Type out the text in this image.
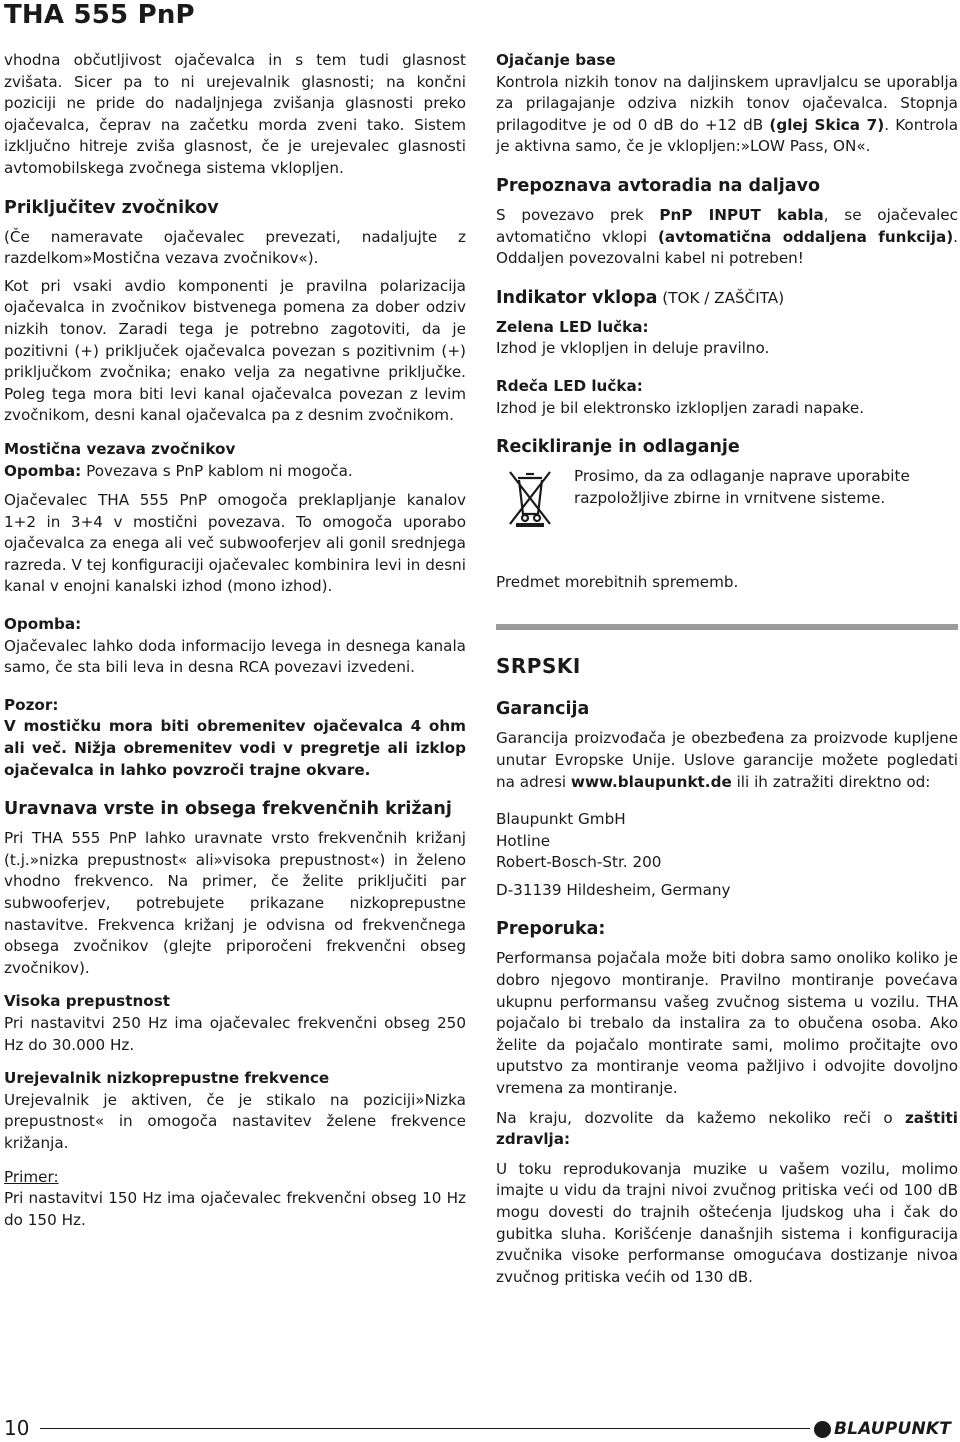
THA 555 PnP

vhodna občutljivost ojačevalca in s tem tudi glasnost zvišata. Sicer pa to ni urejevalnik glasnosti; na končni poziciji ne pride do nadaljnjega zvišanja glasnosti preko ojačevalca, čeprav na začetku morda zveni tako. Sistem izključno hitreje zviša glasnost, če je urejevalec glasnosti avtomobilskega zvočnega sistema vklopljen.

Priključitev zvočnikov

(Če nameravate ojačevalec prevezati, nadaljujte z razdelkom»Mostična vezava zvočnikov«).

Kot pri vsaki avdio komponenti je pravilna polarizacija ojačevalca in zvočnikov bistvenega pomena za dober odziv nizkih tonov. Zaradi tega je potrebno zagotoviti, da je pozitivni (+) priključek ojačevalca povezan s pozitivnim (+) priključkom zvočnika; enako velja za negativne priključke. Poleg tega mora biti levi kanal ojačevalca povezan z levim zvočnikom, desni kanal ojačevalca pa z desnim zvočnikom.

Mostična vezava zvočnikov

Opomba: Povezava s PnP kablom ni mogoča.

Ojačevalec THA 555 PnP omogoča preklapljanje kanalov 1+2 in 3+4 v mostični povezava. To omogoča uporabo ojačevalca za enega ali več subwooferjev ali gonil srednjega razreda. V tej konfiguraciji ojačevalec kombinira levi in desni kanal v enojni kanalski izhod (mono izhod).

Opomba:

Ojačevalec lahko doda informacijo levega in desnega kanala samo, če sta bili leva in desna RCA povezavi izvedeni.

Pozor:

V mostičku mora biti obremenitev ojačevalca 4 ohm ali več. Nižja obremenitev vodi v pregretje ali izklop ojačevalca in lahko povzroči trajne okvare.

Uravnava vrste in obsega frekvenčnih križanj

Pri THA 555 PnP lahko uravnate vrsto frekvenčnih križanj (t.j.»nizka prepustnost« ali»visoka prepustnost«) in želeno vhodno frekvenco. Na primer, če želite priključiti par subwooferjev, potrebujete prikazane nizkoprepustne nastavitve. Frekvenca križanj je odvisna od frekvenčnega obsega zvočnikov (glejte priporočeni frekvenčni obseg zvočnikov).

Visoka prepustnost

Pri nastavitvi 250 Hz ima ojačevalec frekvenčni obseg 250 Hz do 30.000 Hz.

Urejevalnik nizkoprepustne frekvence

Urejevalnik je aktiven, če je stikalo na poziciji»Nizka prepustnost« in omogoča nastavitev želene frekvence križanja.

Primer:

Pri nastavitvi 150 Hz ima ojačevalec frekvenčni obseg 10 Hz do 150 Hz.

Ojačanje base

Kontrola nizkih tonov na daljinskem upravljalcu se uporablja za prilagajanje odziva nizkih tonov ojačevalca. Stopnja prilagoditve je od 0 dB do +12 dB (glej Skica 7). Kontrola je aktivna samo, če je vklopljen:»LOW Pass, ON«.

Prepoznava avtoradia na daljavo

S povezavo prek PnP INPUT kabla, se ojačevalec avtomatično vklopi (avtomatična oddaljena funkcija). Oddaljen povezovalni kabel ni potreben!

Indikator vklopa (TOK / ZAŠČITA)

Zelena LED lučka:

Izhod je vklopljen in deluje pravilno.

Rdeča LED lučka:

Izhod je bil elektronsko izklopljen zaradi napake.

Recikliranje in odlaganje

Prosimo, da za odlaganje naprave uporabite razpoložljive zbirne in vrnitvene sisteme.

Predmet morebitnih sprememb.

SRPSKI

Garancija

Garancija proizvođača je obezbeđena za proizvode kupljene unutar Evropske Unije. Uslove garancije možete pogledati na adresi www.blaupunkt.de ili ih zatražiti direktno od:

Blaupunkt GmbH

Hotline

Robert-Bosch-Str. 200

D-31139 Hildesheim, Germany

Preporuka:

Performansa pojačala može biti dobra samo onoliko koliko je dobro njegovo montiranje. Pravilno montiranje povećava ukupnu performansu vašeg zvučnog sistema u vozilu. THA pojačalo bi trebalo da instalira za to obučena osoba. Ako želite da pojačalo montirate sami, molimo pročitajte ovo uputstvo za montiranje veoma pažljivo i odvojite dovoljno vremena za montiranje.

Na kraju, dozvolite da kažemo nekoliko reči o zaštiti zdravlja:

U toku reprodukovanja muzike u vašem vozilu, molimo imajte u vidu da trajni nivoi zvučnog pritiska veći od 100 dB mogu dovesti do trajnih oštećenja ljudskog uha i čak do gubitka sluha. Korišćenje današnjih sistema i konfiguracija zvučnika visoke performanse omogućava dostizanje nivoa zvučnog pritiska većih od 130 dB.

10	BLAUPUNKT
